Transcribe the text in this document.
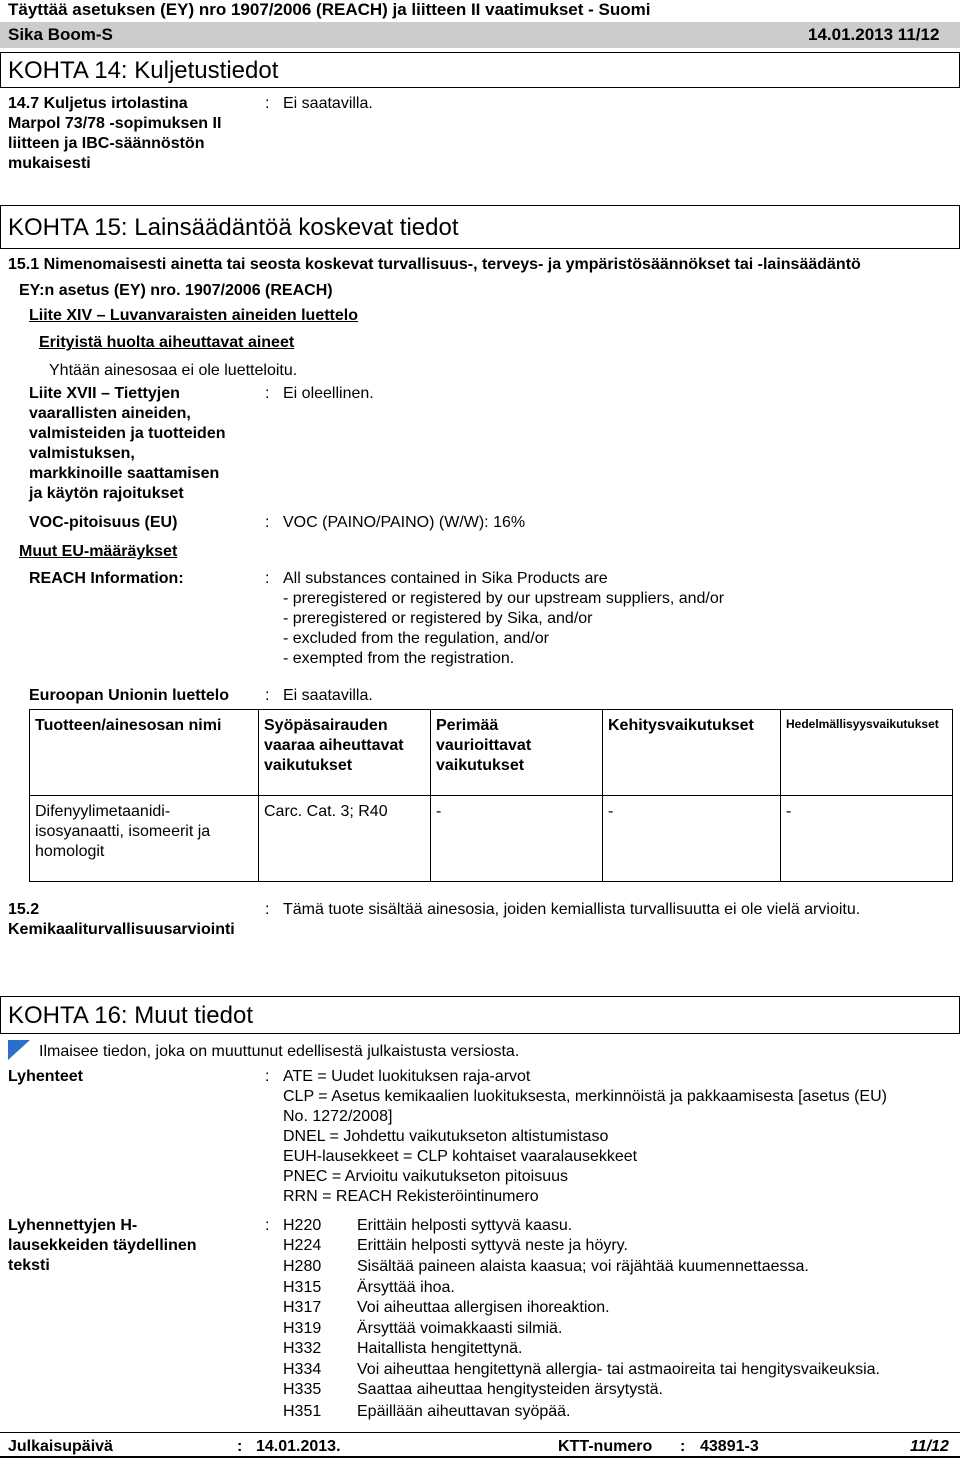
Täyttää asetuksen (EY) nro 1907/2006 (REACH) ja liitteen II vaatimukset - Suomi
Sika Boom-S	14.01.2013 11/12
KOHTA 14: Kuljetustiedot
14.7 Kuljetus irtolastina
Marpol 73/78 -sopimuksen II
liitteen ja IBC-säännöstön
mukaisesti
: Ei saatavilla.
KOHTA 15: Lainsäädäntöä koskevat tiedot
15.1 Nimenomaisesti ainetta tai seosta koskevat turvallisuus-, terveys- ja ympäristösäännökset tai -lainsäädäntö
EY:n asetus (EY) nro. 1907/2006 (REACH)
Liite XIV – Luvanvaraisten aineiden luettelo
Erityistä huolta aiheuttavat aineet
Yhtään ainesosaa ei ole luetteloitu.
Liite XVII – Tiettyjen
vaarallisten aineiden,
valmisteiden ja tuotteiden
valmistuksen,
markkinoille saattamisen
ja käytön rajoitukset
: Ei oleellinen.
VOC-pitoisuus (EU)	: VOC (PAINO/PAINO) (W/W): 16%
Muut EU-määräykset
REACH Information:	: All substances contained in Sika Products are
- preregistered or registered by our upstream suppliers, and/or
- preregistered or registered by Sika, and/or
- excluded from the regulation, and/or
- exempted from the registration.
Euroopan Unionin luettelo : Ei saatavilla.
Tuotteen/ainesosan nimi	Syöpäsairauden vaaraa aiheuttavat vaikutukset	Perimää vaurioittavat vaikutukset	Kehitysvaikutukset	Hedelmällisyysvaikutukset
Difenyylimetaanidi-isosyanaatti, isomeerit ja homologit	Carc. Cat. 3; R40	-	-	-
15.2
Kemikaaliturvallisuusarviointi
: Tämä tuote sisältää ainesosia, joiden kemiallista turvallisuutta ei ole vielä arvioitu.
KOHTA 16: Muut tiedot
Ilmaisee tiedon, joka on muuttunut edellisestä julkaistusta versiosta.
Lyhenteet	: ATE = Uudet luokituksen raja-arvot
CLP = Asetus kemikaalien luokituksesta, merkinnöistä ja pakkaamisesta [asetus (EU)
No. 1272/2008]
DNEL = Johdettu vaikutukseton altistumistaso
EUH-lausekkeet = CLP kohtaiset vaaralausekkeet
PNEC = Arvioitu vaikutukseton pitoisuus
RRN = REACH Rekisteröintinumero
Lyhennettyjen H-
lausekkeiden täydellinen
teksti
: H220 Erittäin helposti syttyvä kaasu.
H224 Erittäin helposti syttyvä neste ja höyry.
H280 Sisältää paineen alaista kaasua; voi räjähtää kuumennettaessa.
H315 Ärsyttää ihoa.
H317 Voi aiheuttaa allergisen ihoreaktion.
H319 Ärsyttää voimakkaasti silmiä.
H332 Haitallista hengitettynä.
H334 Voi aiheuttaa hengitettynä allergia- tai astmaoireita tai hengitysvaikeuksia.
H335 Saattaa aiheuttaa hengitysteiden ärsytystä.
H351 Epäillään aiheuttavan syöpää.
Julkaisupäivä	: 14.01.2013.	KTT-numero : 43891-3	11/12
